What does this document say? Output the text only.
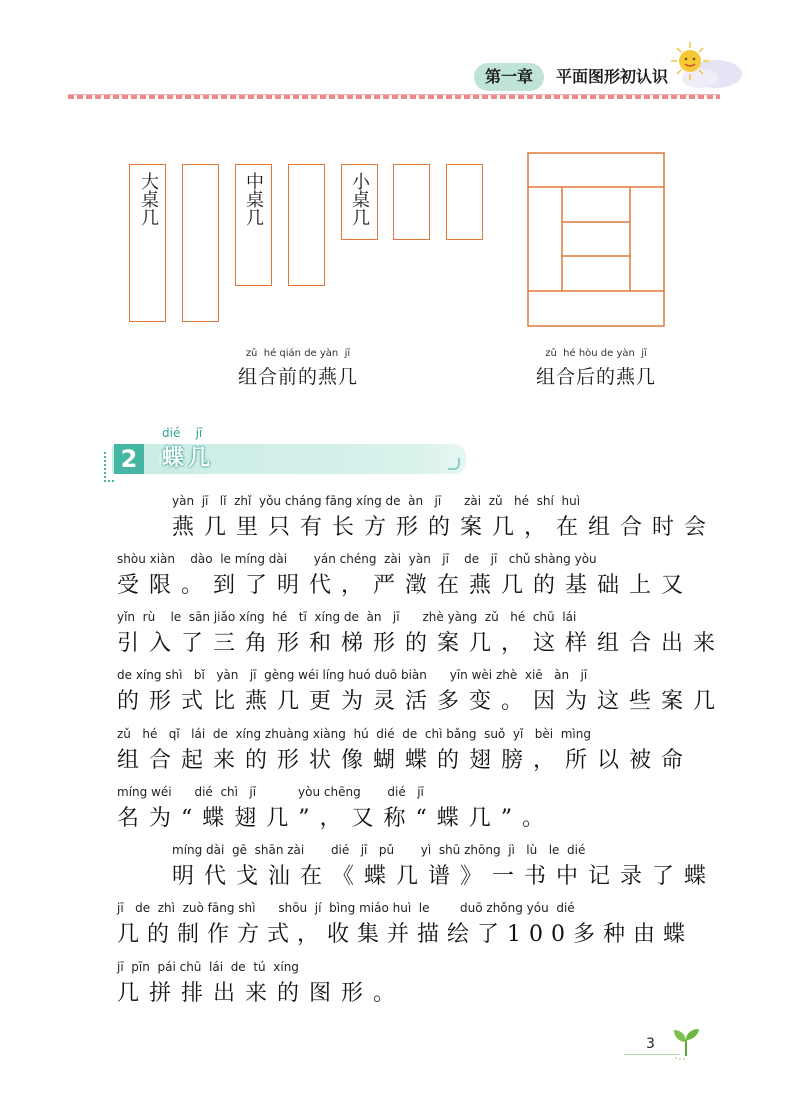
第一章	平面图形初认识
大桌几	中桌几	小桌几
zǔ  hé qián de yàn  jī
组合前的燕几
zǔ  hé hòu de yàn  jī
组合后的燕几
2
dié    jī
「
蝶几
yàn  jī   lǐ  zhǐ  yǒu cháng fāng xíng de  àn   jī      zài  zǔ   hé  shí  huì
燕几里只有长方形的案几，在组合时会
shòu xiàn    dào  le míng dài       yán chéng  zài  yàn   jī    de   jī   chǔ shàng yòu
受限。到了明代，严澂在燕几的基础上又
yǐn  rù    le  sān jiǎo xíng  hé   tī  xíng de  àn   jī      zhè yàng  zǔ   hé  chū  lái
引入了三角形和梯形的案几，这样组合出来
de xíng shì   bǐ   yàn   jī  gèng wéi líng huó duō biàn      yīn wèi zhè  xiē   àn   jī
的形式比燕几更为灵活多变。因为这些案几
zǔ   hé   qǐ   lái  de  xíng zhuàng xiàng  hú  dié  de  chì bǎng  suǒ  yǐ   bèi  mìng
组合起来的形状像蝴蝶的翅膀，所以被命
míng wéi      dié  chì   jī           yòu chēng       dié   jī
名为“蝶翅几”，又称“蝶几”。
míng dài  gē  shān zài       dié   jī   pǔ       yì  shū zhōng  jì   lù   le  dié
明代戈汕在《蝶几谱》一书中记录了蝶
jī   de  zhì  zuò fāng shì      shōu  jí  bìng miáo huì  le        duō zhǒng yóu  dié
几的制作方式，收集并描绘了100多种由蝶
jī  pīn  pái chū  lái  de  tú  xíng
几拼排出来的图形。
3
